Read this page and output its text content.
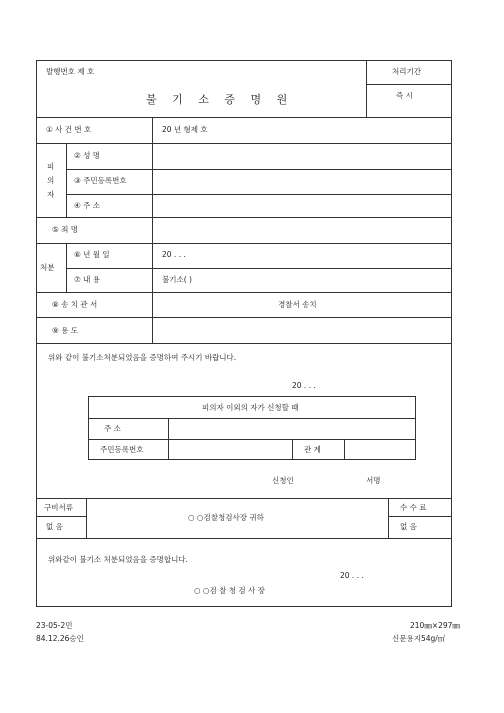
발행번호 제 호	처리기간
즉 시
불 기 소 증 명 원
① 사 건 번 호	20 년 형제 호
피
의
자
② 성 명
③ 주민등록번호
④ 주 소
⑤ 죄 명
처분
⑥ 년 월 일	20 . . .
⑦ 내 용	불기소( )
⑧ 송 치 관 서	경찰서 송치
⑨ 용 도
위와 같이 불기소처분되었음을 증명하여 주시기 바랍니다.
20 . . .
피의자 이외의 자가 신청할 때
주 소
주민등록번호	관 계
신청인	서명
구비서류
없 음
○ ○검찰청검사장 귀하
수 수 료
없 음
위와같이 불기소 처분되었음을 증명합니다.
20 . . .
○ ○검 찰 청 검 사 장
23-05-2민
84.12.26승인
210㎜×297㎜
신문용지54g/㎡
